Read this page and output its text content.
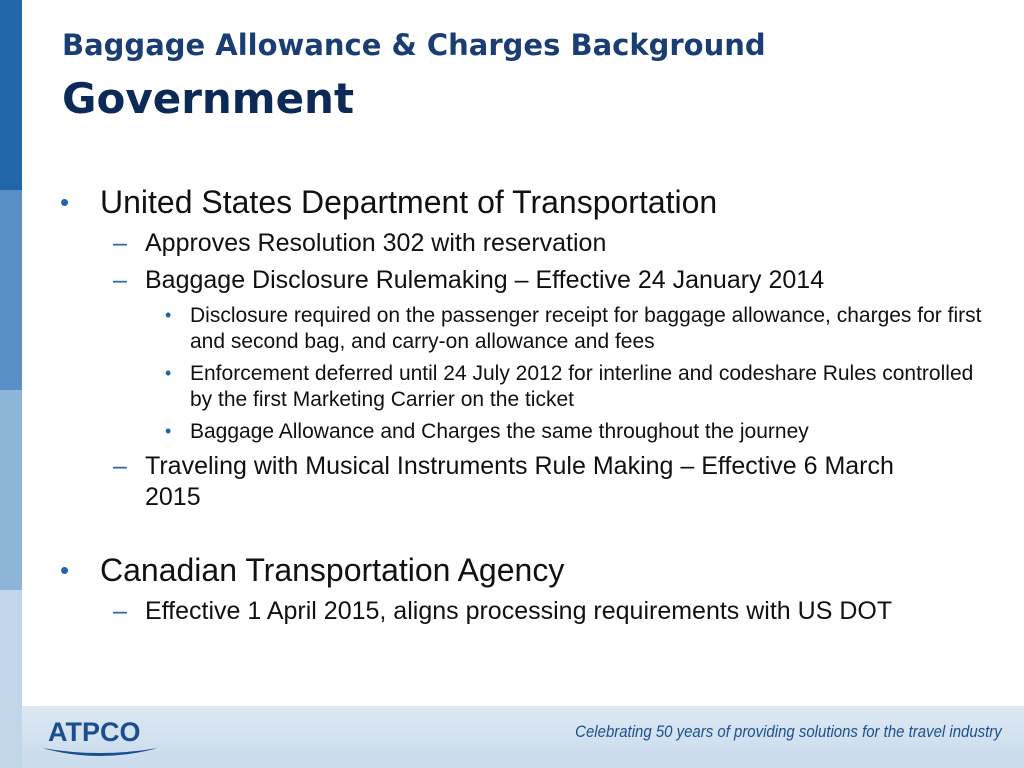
Baggage Allowance & Charges Background
Government
• United States Department of Transportation
– Approves Resolution 302 with reservation
– Baggage Disclosure Rulemaking – Effective 24 January 2014
• Disclosure required on the passenger receipt for baggage allowance, charges for first and second bag, and carry-on allowance and fees
• Enforcement deferred until 24 July 2012 for interline and codeshare Rules controlled by the first Marketing Carrier on the ticket
• Baggage Allowance and Charges the same throughout the journey
– Traveling with Musical Instruments Rule Making – Effective 6 March 2015
• Canadian Transportation Agency
– Effective 1 April 2015, aligns processing requirements with US DOT
ATPCO	Celebrating 50 years of providing solutions for the travel industry
